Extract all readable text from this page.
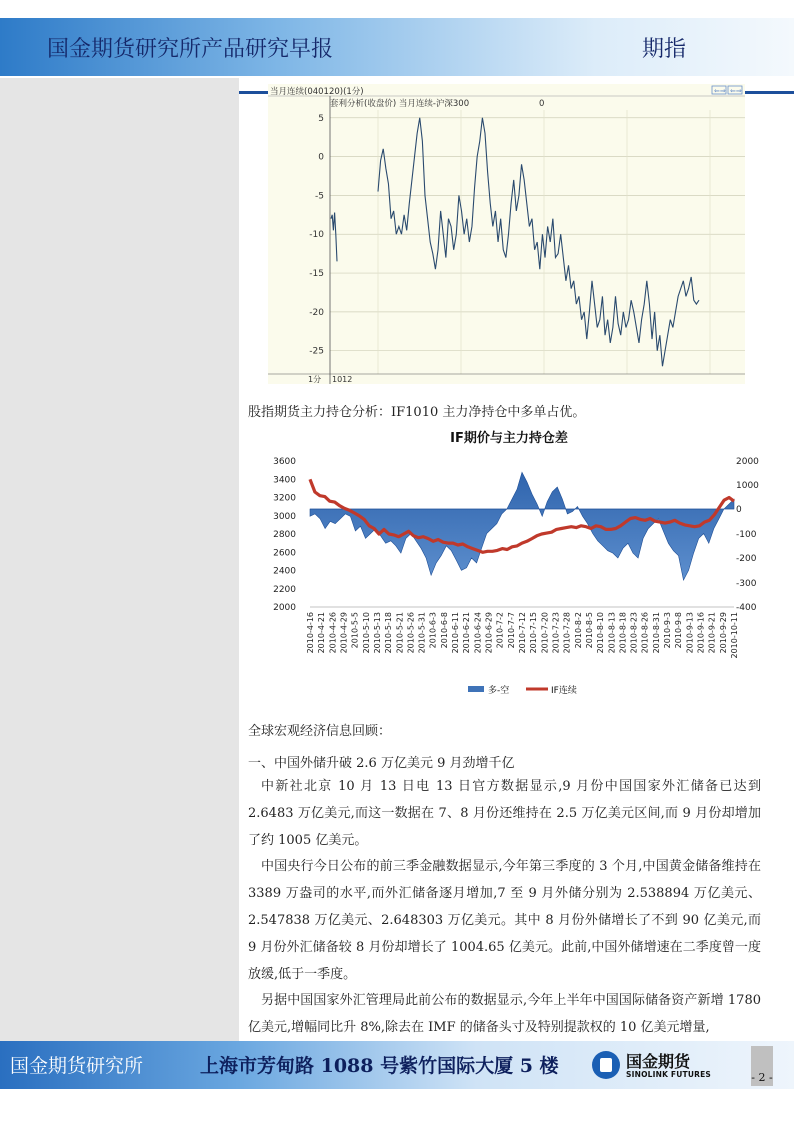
国金期货研究所产品研究早报	期指
当月连续(040120)(1分)	⇐⇒ ⇐⇒
套利分析(收盘价) 当月连续-沪深300	0
5
0
-5
-10
-15
-20
-25
1分 1012
股指期货主力持仓分析：IF1010 主力净持仓中多单占优。
IF期价与主力持仓差
3600
3400
3200
3000
2800
2600
2400
2200
2000
2000
1000
0
-100
-200
-300
-400
2010-4-16 2010-4-21 2010-4-26 2010-4-29 2010-5-5 2010-5-10 2010-5-13 2010-5-18 2010-5-21 2010-5-26 2010-5-31 2010-6-3 2010-6-8 2010-6-11 2010-6-21 2010-6-24 2010-6-29 2010-7-2 2010-7-7 2010-7-12 2010-7-15 2010-7-20 2010-7-23 2010-7-28 2010-8-2 2010-8-5 2010-8-10 2010-8-13 2010-8-18 2010-8-23 2010-8-26 2010-8-31 2010-9-3 2010-9-8 2010-9-13 2010-9-16 2010-9-21 2010-9-29 2010-10-11
多-空	IF连续
全球宏观经济信息回顾：
一、中国外储升破 2.6 万亿美元 9 月劲增千亿

中新社北京 10 月 13 日电 13 日官方数据显示,9 月份中国国家外汇储备已达到 2.6483 万亿美元,而这一数据在 7、8 月份还维持在 2.5 万亿美元区间,而 9 月份却增加了约 1005 亿美元。

中国央行今日公布的前三季金融数据显示,今年第三季度的 3 个月,中国黄金储备维持在 3389 万盎司的水平,而外汇储备逐月增加,7 至 9 月外储分别为 2.538894 万亿美元、2.547838 万亿美元、2.648303 万亿美元。其中 8 月份外储增长了不到 90 亿美元,而 9 月份外汇储备较 8 月份却增长了 1004.65 亿美元。此前,中国外储增速在二季度曾一度放缓,低于一季度。

另据中国国家外汇管理局此前公布的数据显示,今年上半年中国国际储备资产新增 1780 亿美元,增幅同比升 8%,除去在 IMF 的储备头寸及特别提款权的 10 亿美元增量,

国金期货研究所	上海市芳甸路 1088 号紫竹国际大厦 5 楼	国金期货
SINOLINK FUTURES	- 2 -
